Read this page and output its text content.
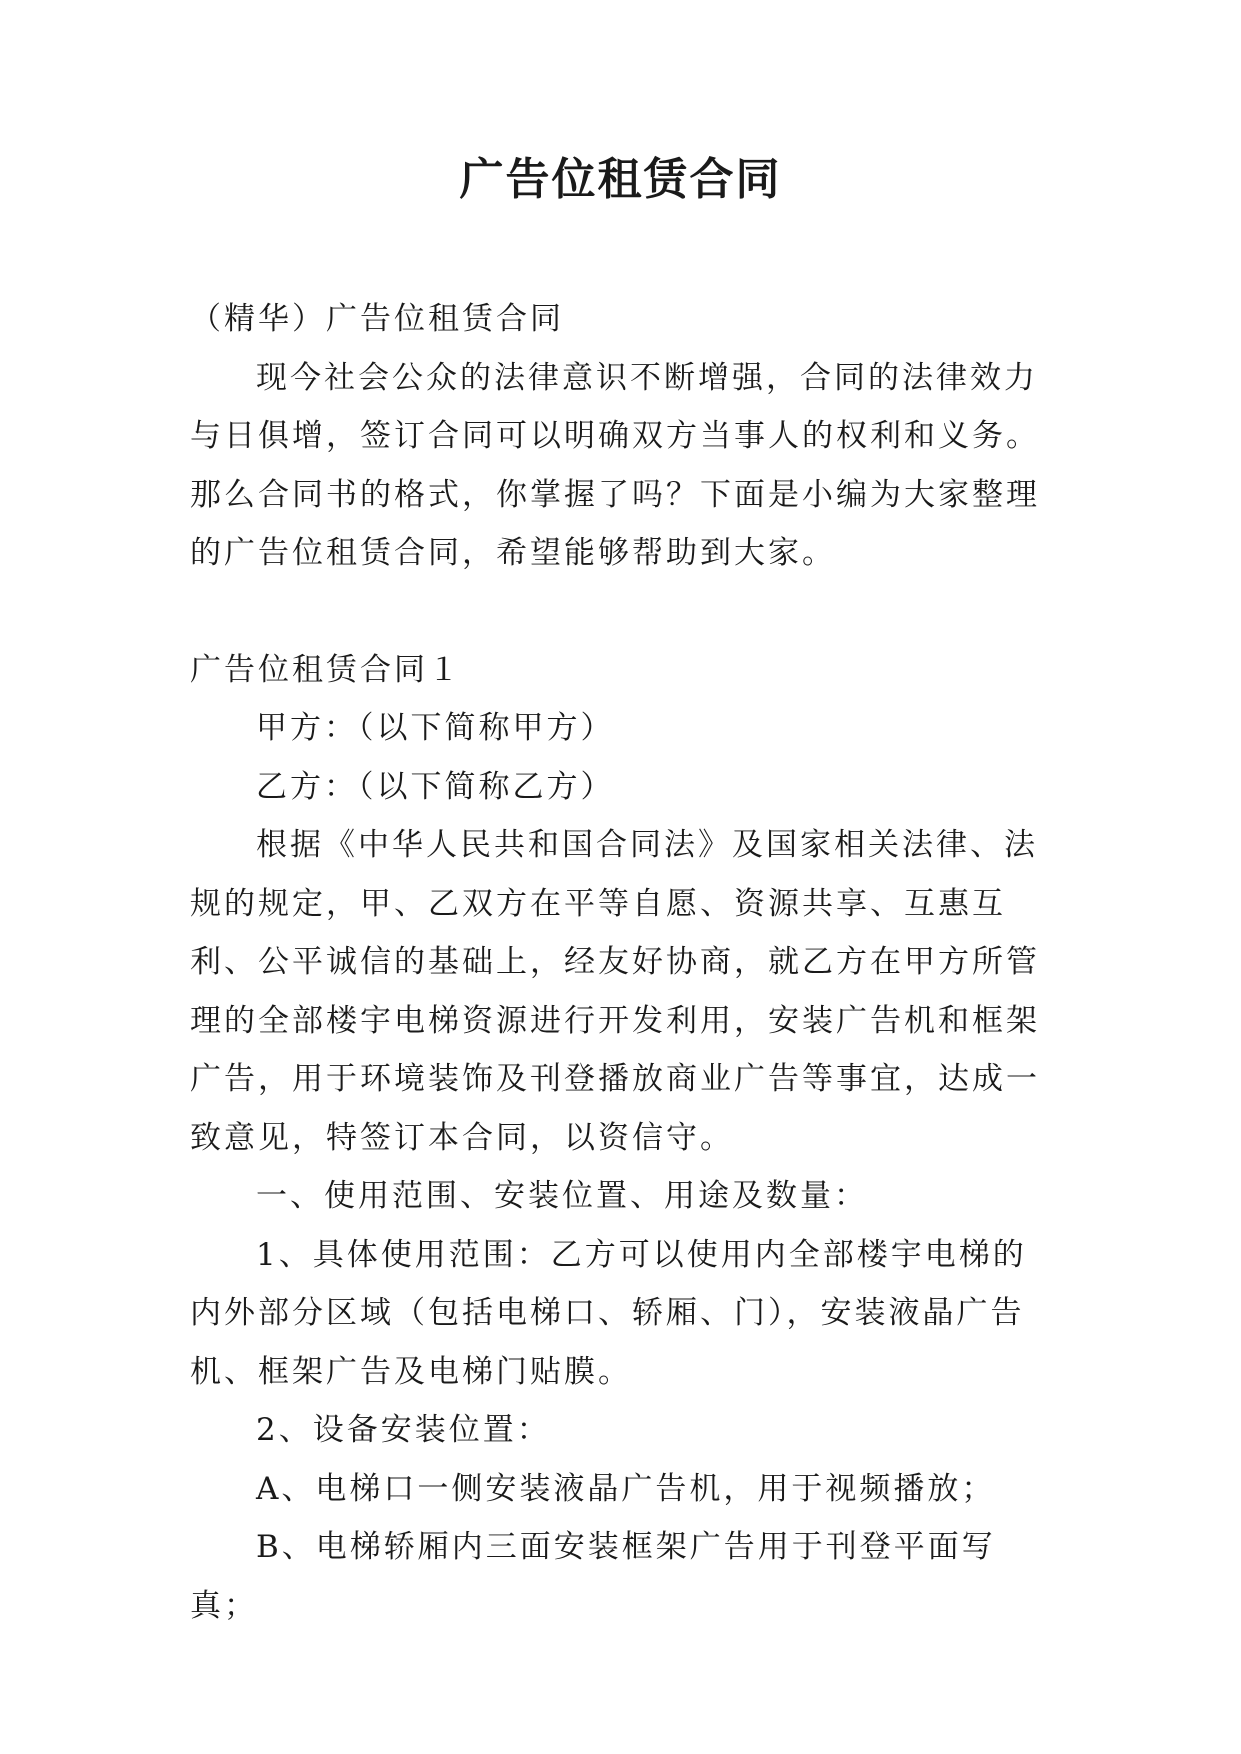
广告位租赁合同

（精华）广告位租赁合同

现今社会公众的法律意识不断增强，合同的法律效力与日俱增，签订合同可以明确双方当事人的权利和义务。那么合同书的格式，你掌握了吗？下面是小编为大家整理的广告位租赁合同，希望能够帮助到大家。

广告位租赁合同１

甲方：（以下简称甲方）

乙方：（以下简称乙方）

根据《中华人民共和国合同法》及国家相关法律、法规的规定，甲、乙双方在平等自愿、资源共享、互惠互利、公平诚信的基础上，经友好协商，就乙方在甲方所管理的全部楼宇电梯资源进行开发利用，安装广告机和框架广告，用于环境装饰及刊登播放商业广告等事宜，达成一致意见，特签订本合同，以资信守。

一、使用范围、安装位置、用途及数量：

1、具体使用范围：乙方可以使用内全部楼宇电梯的内外部分区域（包括电梯口、轿厢、门），安装液晶广告机、框架广告及电梯门贴膜。

2、设备安装位置：

A、电梯口一侧安装液晶广告机，用于视频播放；

B、电梯轿厢内三面安装框架广告用于刊登平面写真；
